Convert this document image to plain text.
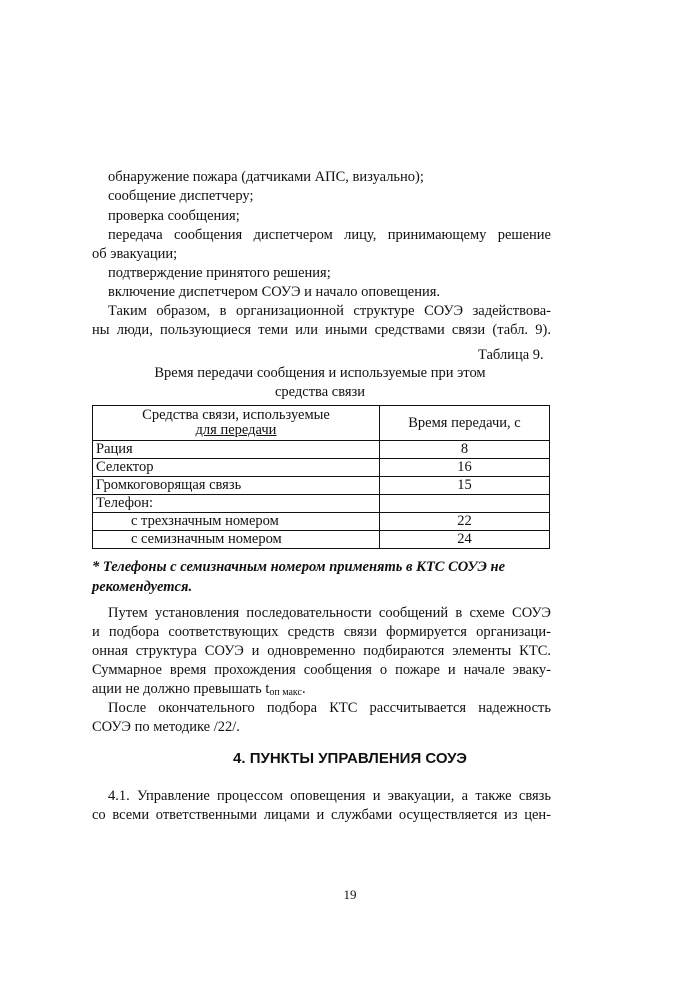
обнаружение пожара (датчиками АПС, визуально);
сообщение диспетчеру;
проверка сообщения;
передача сообщения диспетчером лицу, принимающему решение
об эвакуации;
подтверждение принятого решения;
включение диспетчером СОУЭ и начало оповещения.
Таким образом, в организационной структуре СОУЭ задействова-
ны люди, пользующиеся теми или иными средствами связи (табл. 9).
Таблица 9.
Время передачи сообщения и используемые при этом
средства связи
Средства связи, используемые
для передачи	Время передачи, с
Рация	8
Селектор	16
Громкоговорящая связь	15
Телефон:	
с трехзначным номером	22
с семизначным номером	24
* Телефоны с семизначным номером применять в КТС СОУЭ не рекомендуется.
Путем установления последовательности сообщений в схеме СОУЭ
и подбора соответствующих средств связи формируется организаци-
онная структура СОУЭ и одновременно подбираются элементы КТС.
Суммарное время прохождения сообщения о пожаре и начале эваку-
ации не должно превышать $t_{оп макс}$.
После окончательного подбора КТС рассчитывается надежность
СОУЭ по методике /22/.
4. ПУНКТЫ УПРАВЛЕНИЯ СОУЭ
4.1. Управление процессом оповещения и эвакуации, а также связь
со всеми ответственными лицами и службами осуществляется из цен-
19
